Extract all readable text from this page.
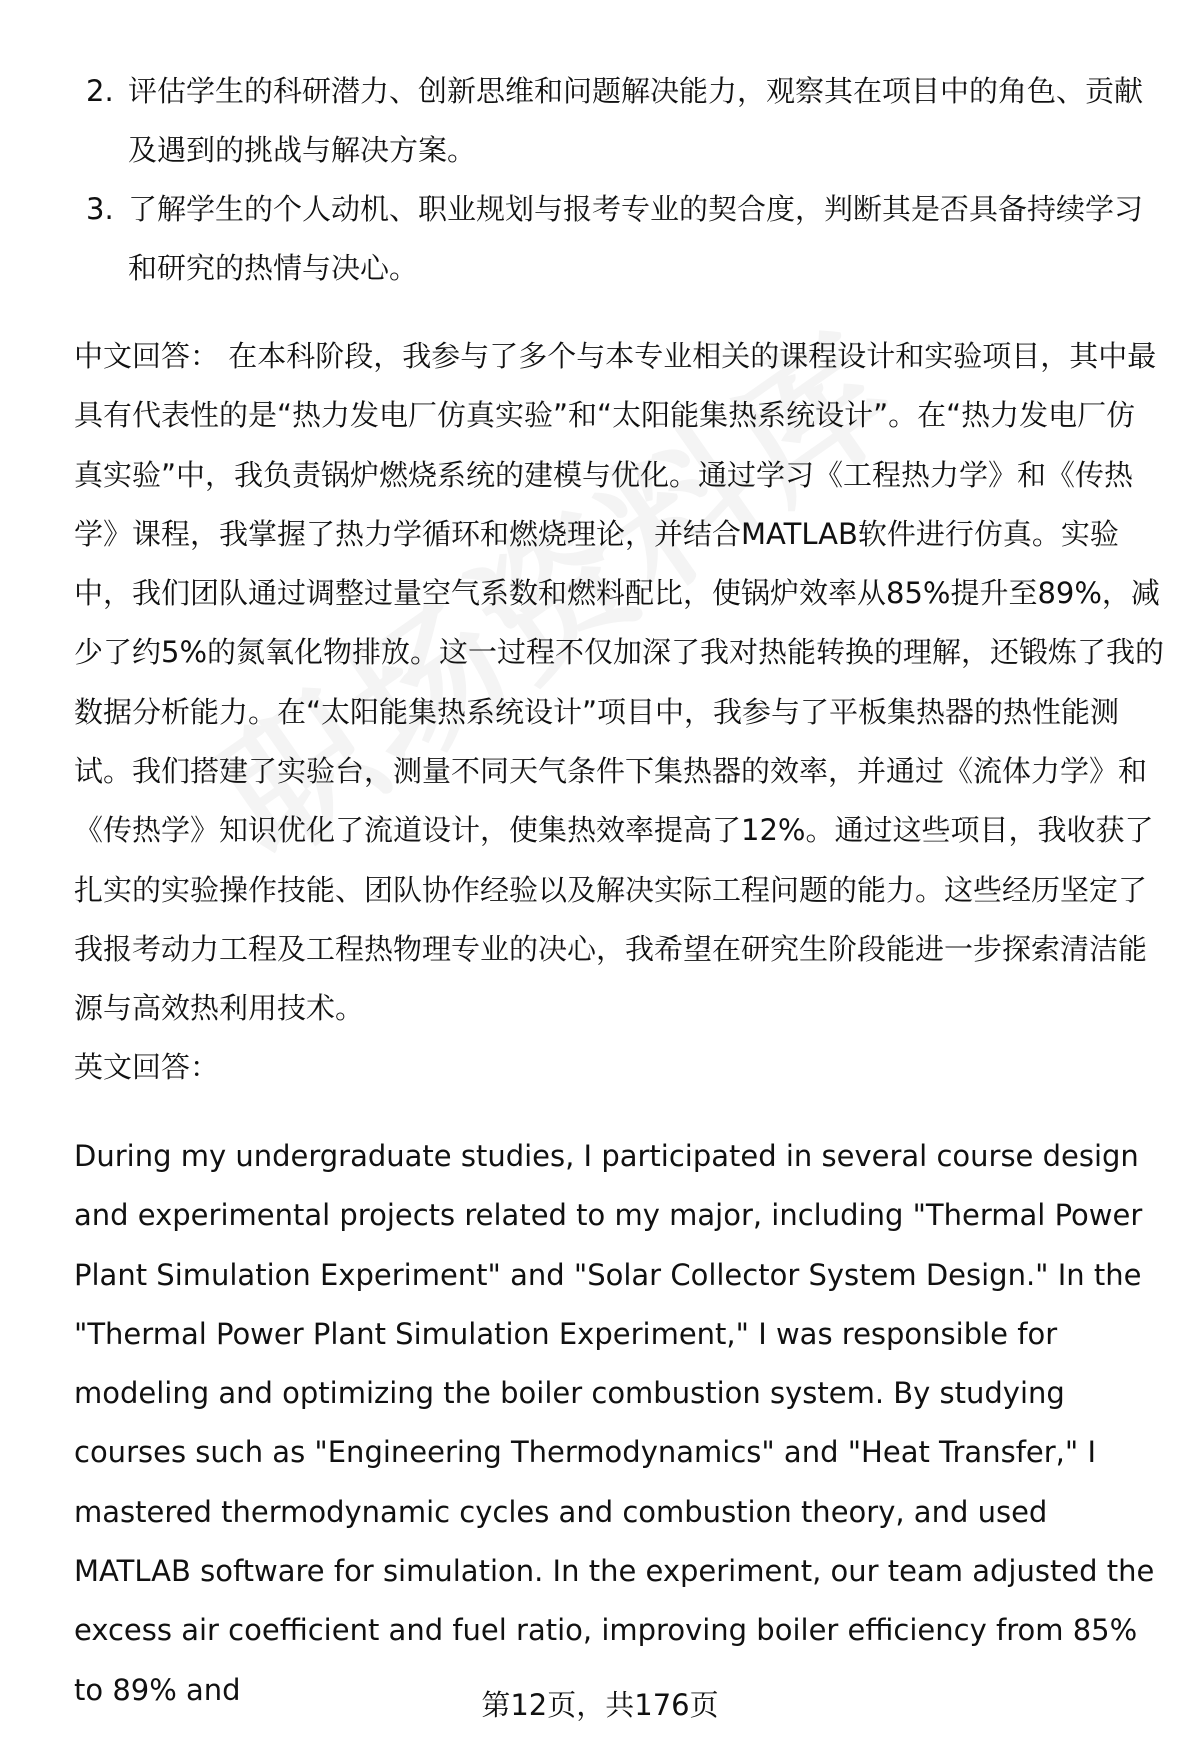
2. 评估学生的科研潜力、创新思维和问题解决能力，观察其在项目中的角色、贡献及遇到的挑战与解决方案。
3. 了解学生的个人动机、职业规划与报考专业的契合度，判断其是否具备持续学习和研究的热情与决心。

中文回答： 在本科阶段，我参与了多个与本专业相关的课程设计和实验项目，其中最具有代表性的是“热力发电厂仿真实验”和“太阳能集热系统设计”。在“热力发电厂仿真实验”中，我负责锅炉燃烧系统的建模与优化。通过学习《工程热力学》和《传热学》课程，我掌握了热力学循环和燃烧理论，并结合MATLAB软件进行仿真。实验中，我们团队通过调整过量空气系数和燃料配比，使锅炉效率从85%提升至89%，减少了约5%的氮氧化物排放。这一过程不仅加深了我对热能转换的理解，还锻炼了我的数据分析能力。在“太阳能集热系统设计”项目中，我参与了平板集热器的热性能测试。我们搭建了实验台，测量不同天气条件下集热器的效率，并通过《流体力学》和《传热学》知识优化了流道设计，使集热效率提高了12%。通过这些项目，我收获了扎实的实验操作技能、团队协作经验以及解决实际工程问题的能力。这些经历坚定了我报考动力工程及工程热物理专业的决心，我希望在研究生阶段能进一步探索清洁能源与高效热利用技术。

英文回答：

During my undergraduate studies, I participated in several course design and experimental projects related to my major, including "Thermal Power Plant Simulation Experiment" and "Solar Collector System Design." In the "Thermal Power Plant Simulation Experiment," I was responsible for modeling and optimizing the boiler combustion system. By studying courses such as "Engineering Thermodynamics" and "Heat Transfer," I mastered thermodynamic cycles and combustion theory, and used MATLAB software for simulation. In the experiment, our team adjusted the excess air coefficient and fuel ratio, improving boiler efficiency from 85% to 89% and	第12页，共176页
